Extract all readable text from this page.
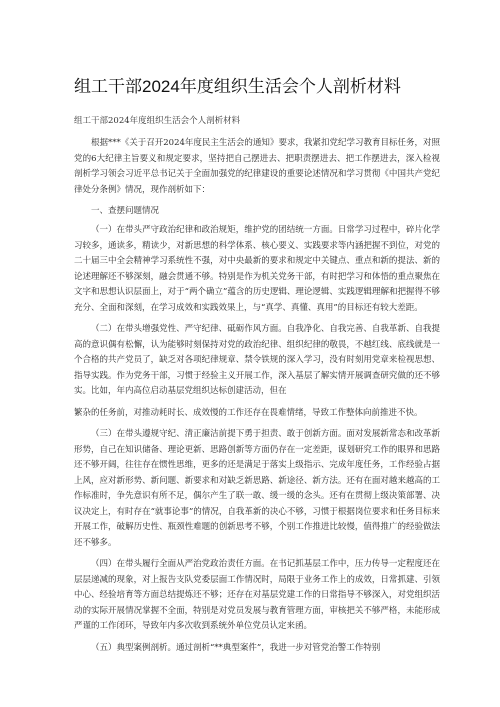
组工干部2024年度组织生活会个人剖析材料

组工干部2024年度组织生活会个人剖析材料

根据***《关于召开2024年度民主生活会的通知》要求，我紧扣党纪学习教育目标任务，对照党的6大纪律主旨要义和规定要求，坚持把自己摆进去、把职责摆进去、把工作摆进去，深入检视剖析学习领会习近平总书记关于全面加强党的纪律建设的重要论述情况和学习贯彻《中国共产党纪律处分条例》情况，现作剖析如下：

一、查摆问题情况

（一）在带头严守政治纪律和政治规矩，维护党的团结统一方面。日常学习过程中，碎片化学习较多，通读多，精读少，对新思想的科学体系、核心要义、实践要求等内涵把握不到位，对党的二十届三中全会精神学习系统性不强，对中央最新的要求和规定中关键点、重点和新的提法、新的论述理解还不够深刻，融会贯通不够。特别是作为机关党务干部，有时把学习和体悟的重点聚焦在文字和思想认识层面上，对于“两个确立”蕴含的历史逻辑、理论逻辑、实践逻辑理解和把握得不够充分、全面和深刻，在学习成效和实践效果上，与“真学、真懂、真用”的目标还有较大差距。

（二）在带头增强党性、严守纪律、砥砺作风方面。自我净化、自我完善、自我革新、自我提高的意识偶有松懈，认为能够时刻保持对党的政治纪律、组织纪律的敬畏，不越红线、底线就是一个合格的共产党员了，缺乏对各项纪律规章、禁令铁规的深入学习，没有时刻用党章来检视思想、指导实践。作为党务干部，习惯于经验主义开展工作，深入基层了解实情开展调查研究做的还不够实。比如，年内高位启动基层党组织达标创建活动，但在

繁杂的任务前，对推动耗时长、成效慢的工作还存在畏难情绪，导致工作整体向前推进不快。

（三）在带头遵规守纪、清正廉洁前提下勇于担责、敢于创新方面。面对发展新常态和改革新形势，自己在知识储备、理论更新、思路创新等方面仍存在一定差距，谋划研究工作的眼界和思路还不够开阔，往往存在惯性思维，更多的还是满足于落实上级指示、完成年度任务，工作经验占据上风，应对新形势、新问题、新要求和对缺乏新思路、新途径、新方法。还有在面对越来越高的工作标准时，争先意识有所不足，偶尔产生了联一敢、缓一缓的念头。还有在贯彻上级决策部署、决议决定上，有时存在“就事论事”的情况，自我革新的决心不够，习惯于根据岗位要求和任务目标来开展工作，破解历史性、瓶颈性难题的创新思考不够，个别工作推进比较慢，值得推广的经验做法还不够多。

（四）在带头履行全面从严治党政治责任方面。在书记抓基层工作中，压力传导一定程度还在层层递减的现象，对上报告支队党委层面工作情况时，局限于业务工作上的成效，日常抓建、引领中心、经验培育等方面总结提炼还不够；还存在对基层党建工作的日常指导不够深入，对党组织活动的实际开展情况掌握不全面，特别是对党员发展与教育管理方面，审核把关不够严格，未能形成严谨的工作闭环，导致年内多次收到系统外单位党员认定来函。

（五）典型案例剖析。通过剖析“**典型案件”，我进一步对管党治警工作特别
